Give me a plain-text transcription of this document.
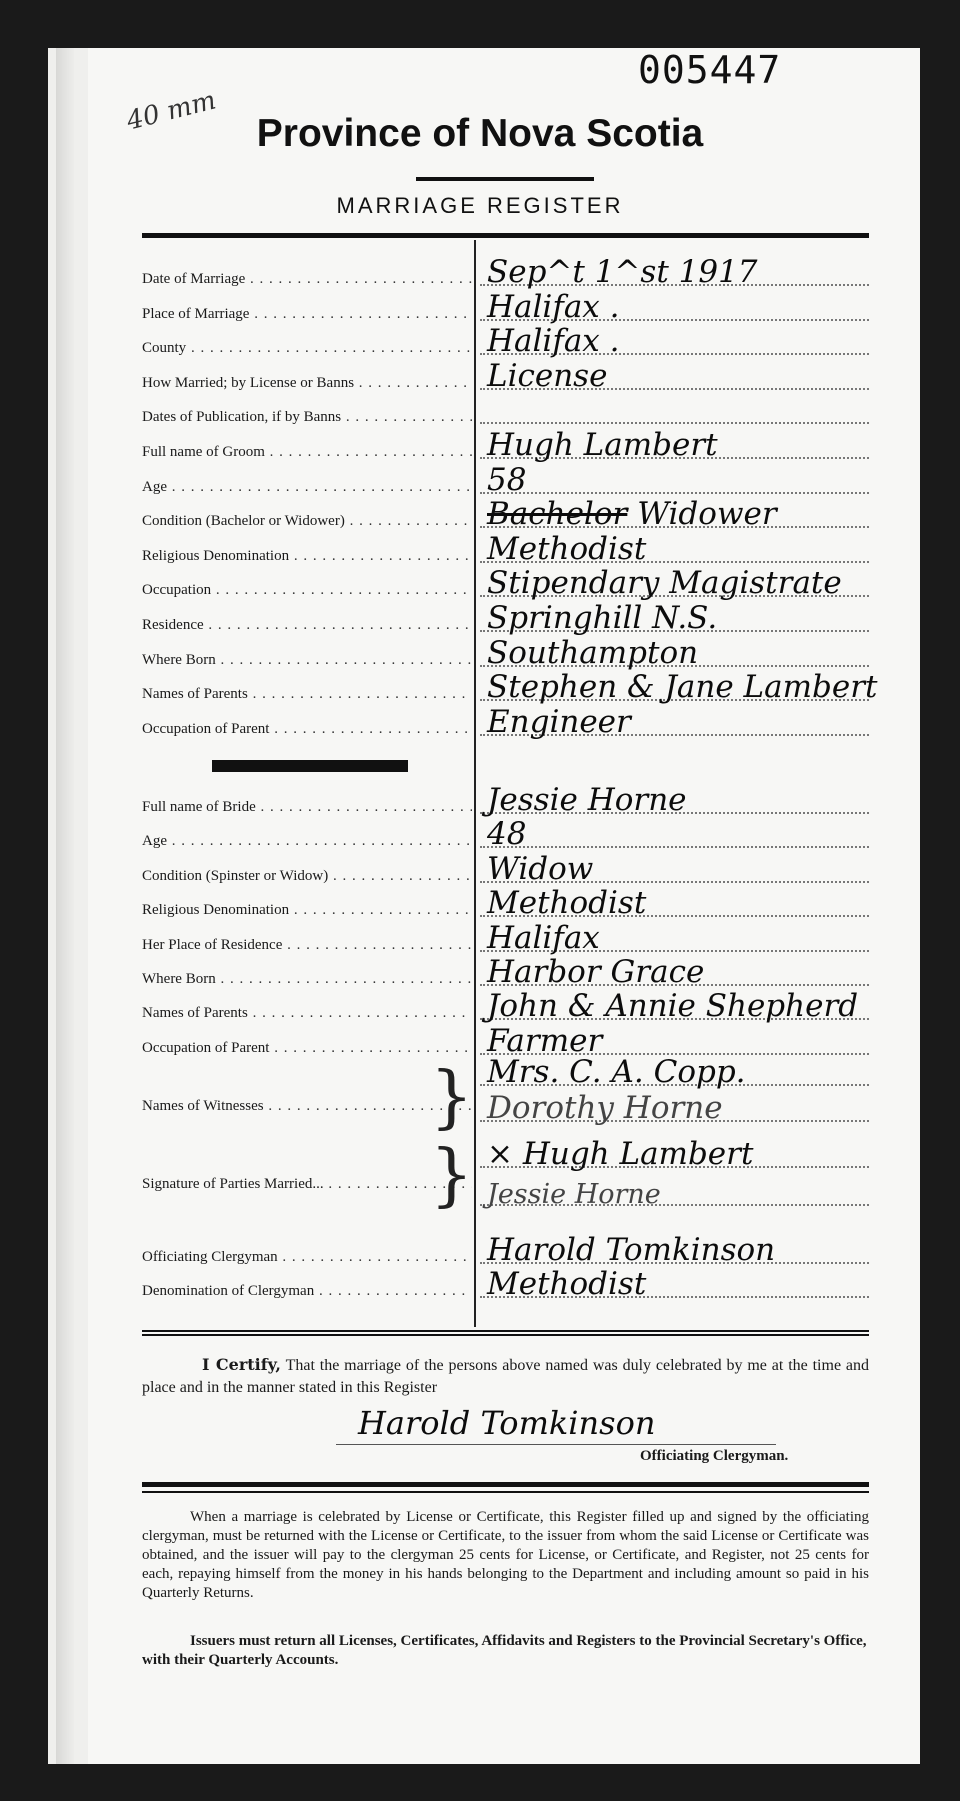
005447
40 mm Province of Nova Scotia
MARRIAGE REGISTER
Date of Marriage . . .	Sep^t 1^st 1917
Place of Marriage . . .	Halifax .
County . . .	Halifax .
How Married; by License or Banns . . .	License
Dates of Publication, if by Banns . . .
Full name of Groom . . .	Hugh Lambert
Age . . .	58
Condition (Bachelor or Widower) . . .	Bachelor Widower
Religious Denomination . . .	Methodist
Occupation . . .	Stipendary Magistrate
Residence . . .	Springhill N.S.
Where Born . . .	Southampton
Names of Parents . . .	Stephen & Jane Lambert
Occupation of Parent . . .	Engineer
Full name of Bride . . .	Jessie Horne
Age . . .	48
Condition (Spinster or Widow) . . .	Widow
Religious Denomination . . .	Methodist
Her Place of Residence . . .	Halifax
Where Born . . .	Harbor Grace
Names of Parents . . .	John & Annie Shepherd
Occupation of Parent . . .	Farmer
Names of Witnesses . . .	} Mrs. C. A. Copp.
Dorothy Horne
Signature of Parties Married... . . .	} × Hugh Lambert
Jessie Horne
Officiating Clergyman . . .	Harold Tomkinson
Denomination of Clergyman . . .	Methodist
I Certify, That the marriage of the persons above named was duly celebrated by me at the time and place and in the manner stated in this Register
Harold Tomkinson
Officiating Clergyman.
When a marriage is celebrated by License or Certificate, this Register filled up and signed by the officiating clergyman, must be returned with the License or Certificate, to the issuer from whom the said License or Certificate was obtained, and the issuer will pay to the clergyman 25 cents for License, or Certificate, and Register, not 25 cents for each, repaying himself from the money in his hands belonging to the Department and including amount so paid in his Quarterly Returns.
Issuers must return all Licenses, Certificates, Affidavits and Registers to the Provincial Secretary's Office, with their Quarterly Accounts.
